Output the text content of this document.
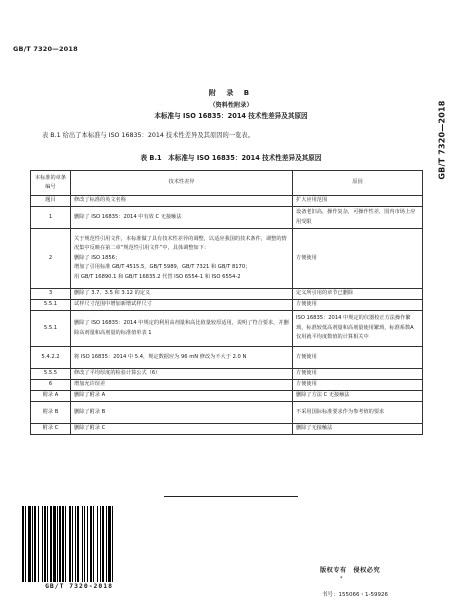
GB/T 7320—2018
GB/T 7320—2018
附 录 B
（资料性附录）
本标准与 ISO 16835：2014 技术性差异及其原因
表 B.1 给出了本标准与 ISO 16835：2014 技术性差异及其原因的一览表。
表 B.1　本标准与 ISO 16835：2014 技术性差异及其原因
本标准的章条编号	技术性差异	原因
题目	修改了标准的英文名称	扩大应用范围
1	删除了 ISO 16835：2014 中有效 C 无接触法	设备老旧高，操作复杂，可操作性差，国内市场上应用受限
2	关于规范性引用文件，本标准做了具有技术性差异的调整，以适应我国的技术条件，调整的情况集中反映在第二章“规范性引用文件”中，具体调整如下：
删除了 ISO 1856；
增加了引用标准 GB/T 4515.5，GB/T 5989，GB/T 7321 和 GB/T 8170；
用 GB/T 16890.1 和 GB/T 16835.2 代替 ISO 6554-1 和 ISO 6554-2	方便使用
3	删除了 3.7、3.5 和 3.12 的定义	定义所引用的章节已删除
5.5.1	试样尺寸范围中增加新增试样尺寸	方便使用
5.5.1	删除了 ISO 16835：2014 中规定的利用高剂量和高比值量较厚适用，说明了符合要求，并删除高剂量和高剂量的标准值单表 1	ISO 16835：2014 中规定的仪器校正方法操作繁琐，标准较低高剂量和高剂量使用繁琐，标准系数A 仅用就平均度数值的计算相关中
5.4.2.2	将 ISO 16835：2014 中 5.4，规定数据应为 96 mN 修改为不大于 2.0 N	方便使用
5.5.5	修改了平均厚度的检验计算公式（6）	方便使用
6	增加允许误差	方便使用
附录 A	删除了附录 A	删除了方法 C 无接触法
附录 B	删除了附录 B	不采用国际标准要求作为参考值的要求
附录 C	删除了附录 C	删除了无接触法
GB/T 7320-2018
版权专有　侵权必究
*
书号：155066・1-59926
